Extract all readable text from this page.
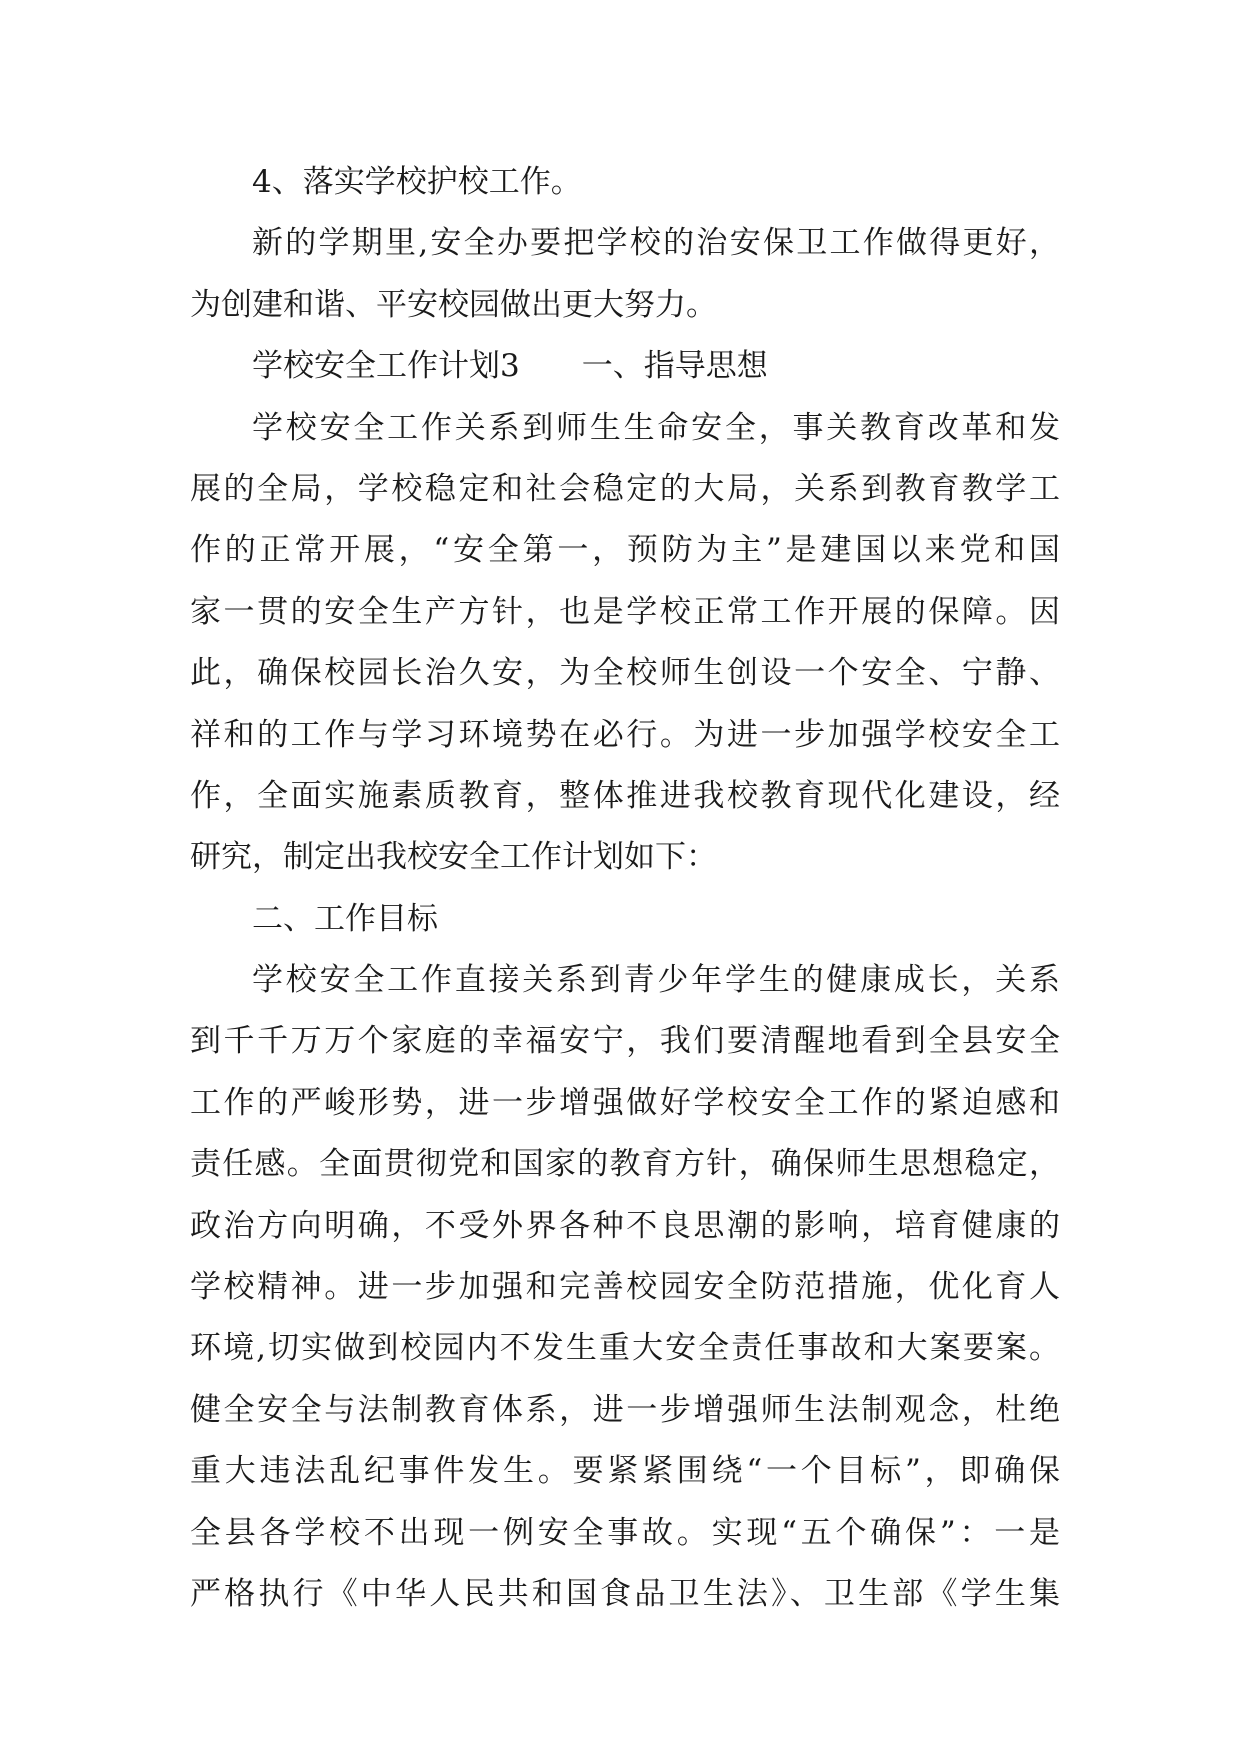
4、落实学校护校工作。
新的学期里,安全办要把学校的治安保卫工作做得更好，
为创建和谐、平安校园做出更大努力。
学校安全工作计划3 一、指导思想
学校安全工作关系到师生生命安全，事关教育改革和发
展的全局，学校稳定和社会稳定的大局，关系到教育教学工
作的正常开展，“安全第一，预防为主”是建国以来党和国
家一贯的安全生产方针，也是学校正常工作开展的保障。因
此，确保校园长治久安，为全校师生创设一个安全、宁静、
祥和的工作与学习环境势在必行。为进一步加强学校安全工
作，全面实施素质教育，整体推进我校教育现代化建设，经
研究，制定出我校安全工作计划如下：
二、工作目标
学校安全工作直接关系到青少年学生的健康成长，关系
到千千万万个家庭的幸福安宁，我们要清醒地看到全县安全
工作的严峻形势，进一步增强做好学校安全工作的紧迫感和
责任感。全面贯彻党和国家的教育方针，确保师生思想稳定，
政治方向明确，不受外界各种不良思潮的影响，培育健康的
学校精神。进一步加强和完善校园安全防范措施，优化育人
环境,切实做到校园内不发生重大安全责任事故和大案要案。
健全安全与法制教育体系，进一步增强师生法制观念，杜绝
重大违法乱纪事件发生。要紧紧围绕“一个目标”，即确保
全县各学校不出现一例安全事故。实现“五个确保”：一是
严格执行《中华人民共和国食品卫生法》、卫生部《学生集
